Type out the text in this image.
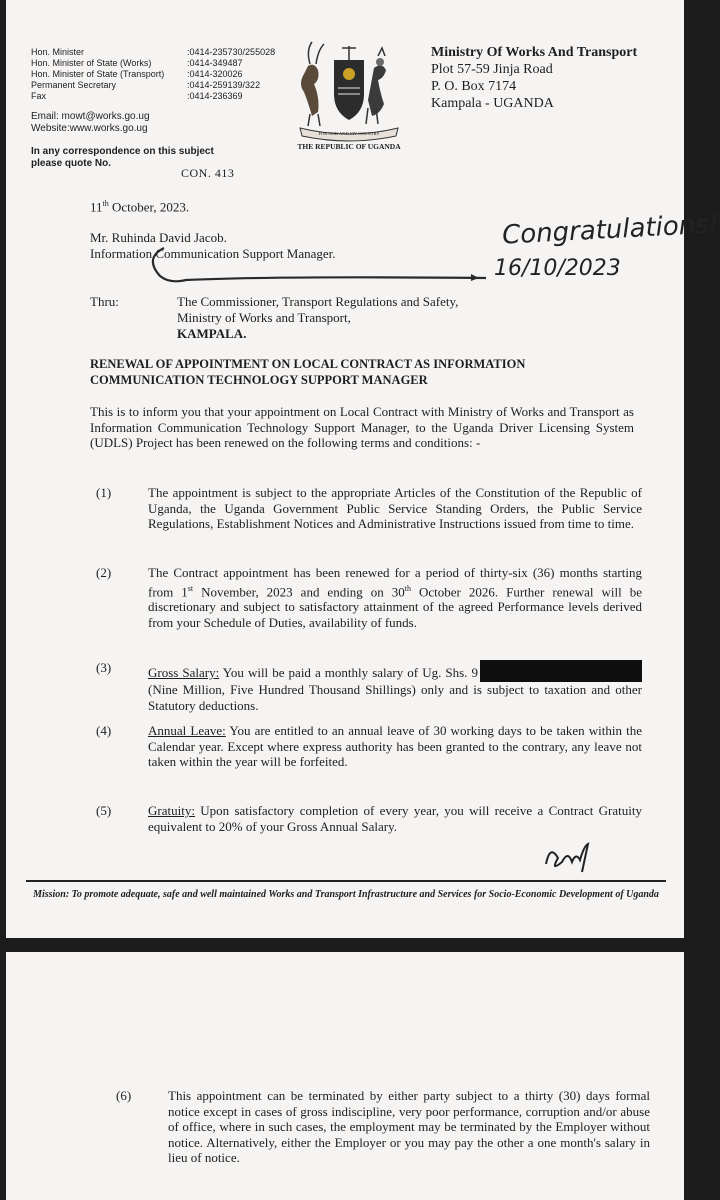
Hon. Minister	:0414-235730/255028
Hon. Minister of State (Works)	:0414-349487
Hon. Minister of State (Transport)	:0414-320026
Permanent Secretary	:0414-259139/322
Fax	:0414-236369
Email: mowt@works.go.ug
Website:www.works.go.ug
In any correspondence on this subject
please quote No.
CON. 413
FOR GOD AND MY COUNTRY
THE REPUBLIC OF UGANDA
Ministry Of Works And Transport
Plot 57-59 Jinja Road
P. O. Box 7174
Kampala - UGANDA
11th October, 2023.
Mr. Ruhinda David Jacob.
Information Communication Support Manager.
Congratulations!
16/10/2023
Thru:	The Commissioner, Transport Regulations and Safety,
Ministry of Works and Transport,
KAMPALA.
RENEWAL OF APPOINTMENT ON LOCAL CONTRACT AS INFORMATION
COMMUNICATION TECHNOLOGY SUPPORT MANAGER
This is to inform you that your appointment on Local Contract with Ministry of Works and Transport as Information Communication Technology Support Manager, to the Uganda Driver Licensing System (UDLS) Project has been renewed on the following terms and conditions: -
(1)	The appointment is subject to the appropriate Articles of the Constitution of the Republic of Uganda, the Uganda Government Public Service Standing Orders, the Public Service Regulations, Establishment Notices and Administrative Instructions issued from time to time.
(2)	The Contract appointment has been renewed for a period of thirty-six (36) months starting from 1st November, 2023 and ending on 30th October 2026. Further renewal will be discretionary and subject to satisfactory attainment of the agreed Performance levels derived from your Schedule of Duties, availability of funds.
(3)	Gross Salary: You will be paid a monthly salary of Ug. Shs. 9 (Nine Million, Five Hundred Thousand Shillings) only and is subject to taxation and other Statutory deductions.
(4)	Annual Leave: You are entitled to an annual leave of 30 working days to be taken within the Calendar year. Except where express authority has been granted to the contrary, any leave not taken within the year will be forfeited.
(5)	Gratuity: Upon satisfactory completion of every year, you will receive a Contract Gratuity equivalent to 20% of your Gross Annual Salary.
Mission: To promote adequate, safe and well maintained Works and Transport Infrastructure and Services for Socio-Economic Development of Uganda
(6)	This appointment can be terminated by either party subject to a thirty (30) days formal notice except in cases of gross indiscipline, very poor performance, corruption and/or abuse of office, where in such cases, the employment may be terminated by the Employer without notice. Alternatively, either the Employer or you may pay the other a one month's salary in lieu of notice.
